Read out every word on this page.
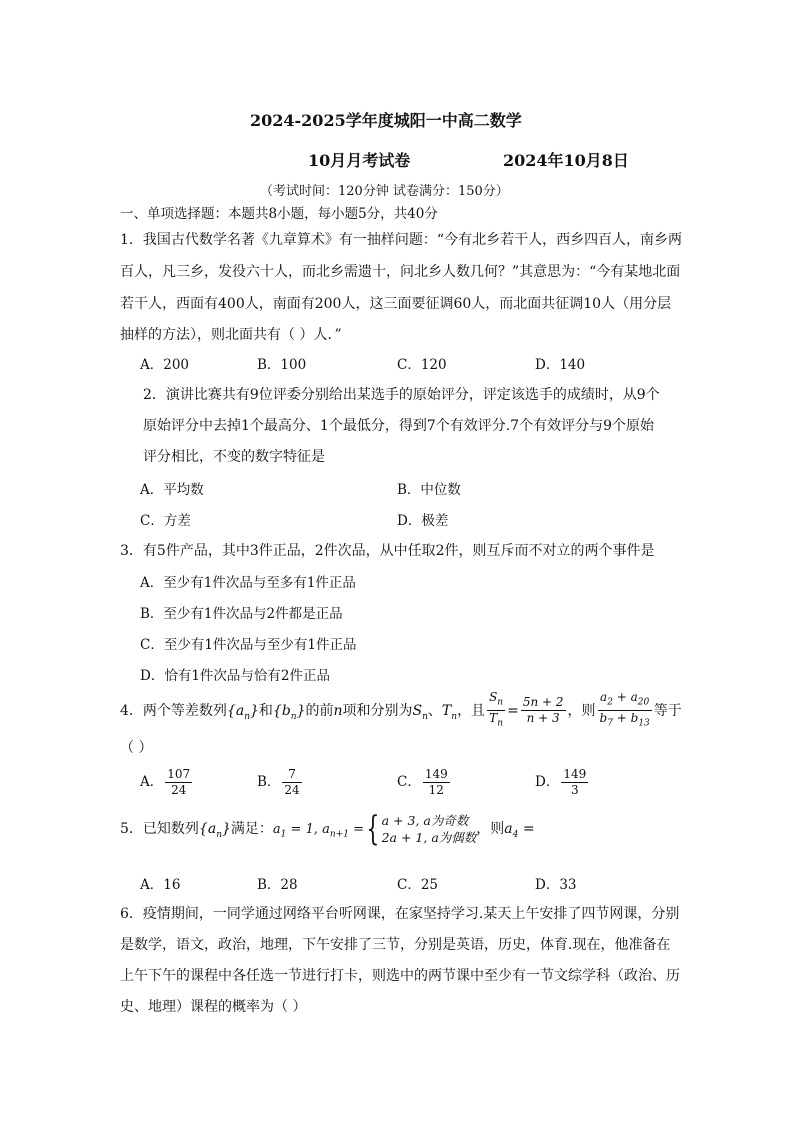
2024-2025学年度城阳一中高二数学
10月月考试卷	2024年10月8日
（考试时间：120分钟 试卷满分：150分）
一、单项选择题：本题共8小题，每小题5分，共40分
1．我国古代数学名著《九章算术》有一抽样问题：“今有北乡若干人，西乡四百人，南乡两
百人，凡三乡，发役六十人，而北乡需遗十，问北乡人数几何？”其意思为：“今有某地北面
若干人，西面有400人，南面有200人，这三面要征调60人，而北面共征调10人（用分层
抽样的方法），则北面共有（ ）人．”
A．200	B．100	C．120	D．140
2．演讲比赛共有9位评委分别给出某选手的原始评分，评定该选手的成绩时，从9个
原始评分中去掉1个最高分、1个最低分，得到7个有效评分.7个有效评分与9个原始
评分相比，不变的数字特征是
A．平均数	B．中位数
C．方差	D．极差
3．有5件产品，其中3件正品，2件次品，从中任取2件，则互斥而不对立的两个事件是
A．至少有1件次品与至多有1件正品
B．至少有1件次品与2件都是正品
C．至少有1件次品与至少有1件正品
D．恰有1件次品与恰有2件正品
4．两个等差数列$\{a_n\}$和$\{b_n\}$的前n项和分别为$S_n$、$T_n$，且 $\frac{S_n}{T_n} = \frac{5n + 2}{n + 3}$ ，则 $\frac{a_2 + a_{20}}{b_7 + b_{13}}$ 等于
（ ）
A． $\frac{107}{24}$	B． $\frac{7}{24}$	C． $\frac{149}{12}$	D． $\frac{149}{3}$
5．已知数列$\{a_n\}$满足：$a_1 = 1$, $a_{n+1}$ ={ a + 3, a为奇数
2a + 1, a为偶数
，则$a_4$ =
A．16	B．28	C．25	D．33
6．疫情期间，一同学通过网络平台听网课，在家坚持学习.某天上午安排了四节网课，分别
是数学，语文，政治，地理，下午安排了三节，分别是英语，历史，体育.现在，他准备在
上午下午的课程中各任选一节进行打卡，则选中的两节课中至少有一节文综学科（政治、历
史、地理）课程的概率为（ ）
